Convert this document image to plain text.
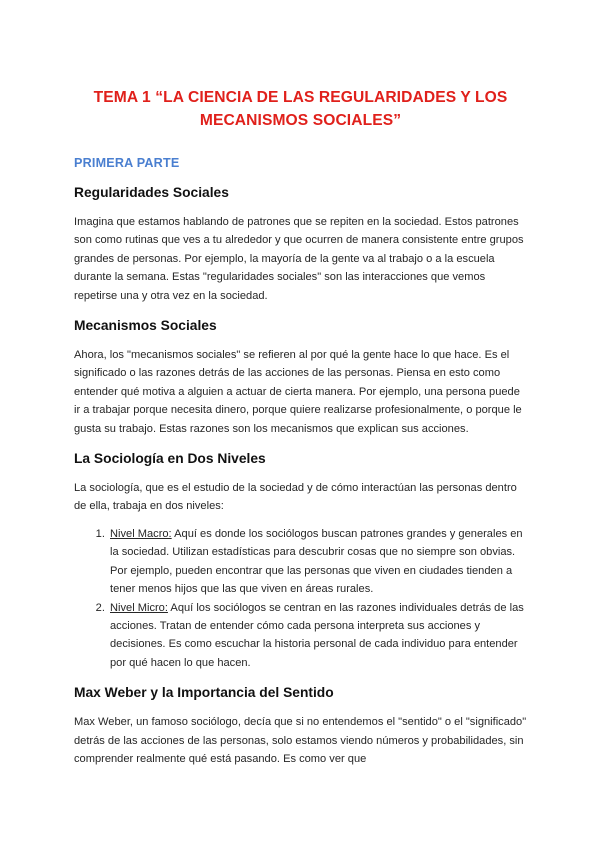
TEMA 1 “LA CIENCIA DE LAS REGULARIDADES Y LOS
MECANISMOS SOCIALES”
PRIMERA PARTE
Regularidades Sociales

Imagina que estamos hablando de patrones que se repiten en la sociedad. Estos patrones son como rutinas que ves a tu alrededor y que ocurren de manera consistente entre grupos grandes de personas. Por ejemplo, la mayoría de la gente va al trabajo o a la escuela durante la semana. Estas "regularidades sociales" son las interacciones que vemos repetirse una y otra vez en la sociedad.

Mecanismos Sociales

Ahora, los "mecanismos sociales" se refieren al por qué la gente hace lo que hace. Es el significado o las razones detrás de las acciones de las personas. Piensa en esto como entender qué motiva a alguien a actuar de cierta manera. Por ejemplo, una persona puede ir a trabajar porque necesita dinero, porque quiere realizarse profesionalmente, o porque le gusta su trabajo. Estas razones son los mecanismos que explican sus acciones.

La Sociología en Dos Niveles

La sociología, que es el estudio de la sociedad y de cómo interactúan las personas dentro de ella, trabaja en dos niveles:

1. Nivel Macro: Aquí es donde los sociólogos buscan patrones grandes y generales en la sociedad. Utilizan estadísticas para descubrir cosas que no siempre son obvias. Por ejemplo, pueden encontrar que las personas que viven en ciudades tienden a tener menos hijos que las que viven en áreas rurales.
2. Nivel Micro: Aquí los sociólogos se centran en las razones individuales detrás de las acciones. Tratan de entender cómo cada persona interpreta sus acciones y decisiones. Es como escuchar la historia personal de cada individuo para entender por qué hacen lo que hacen.
Max Weber y la Importancia del Sentido

Max Weber, un famoso sociólogo, decía que si no entendemos el "sentido" o el "significado" detrás de las acciones de las personas, solo estamos viendo números y probabilidades, sin comprender realmente qué está pasando. Es como ver que
